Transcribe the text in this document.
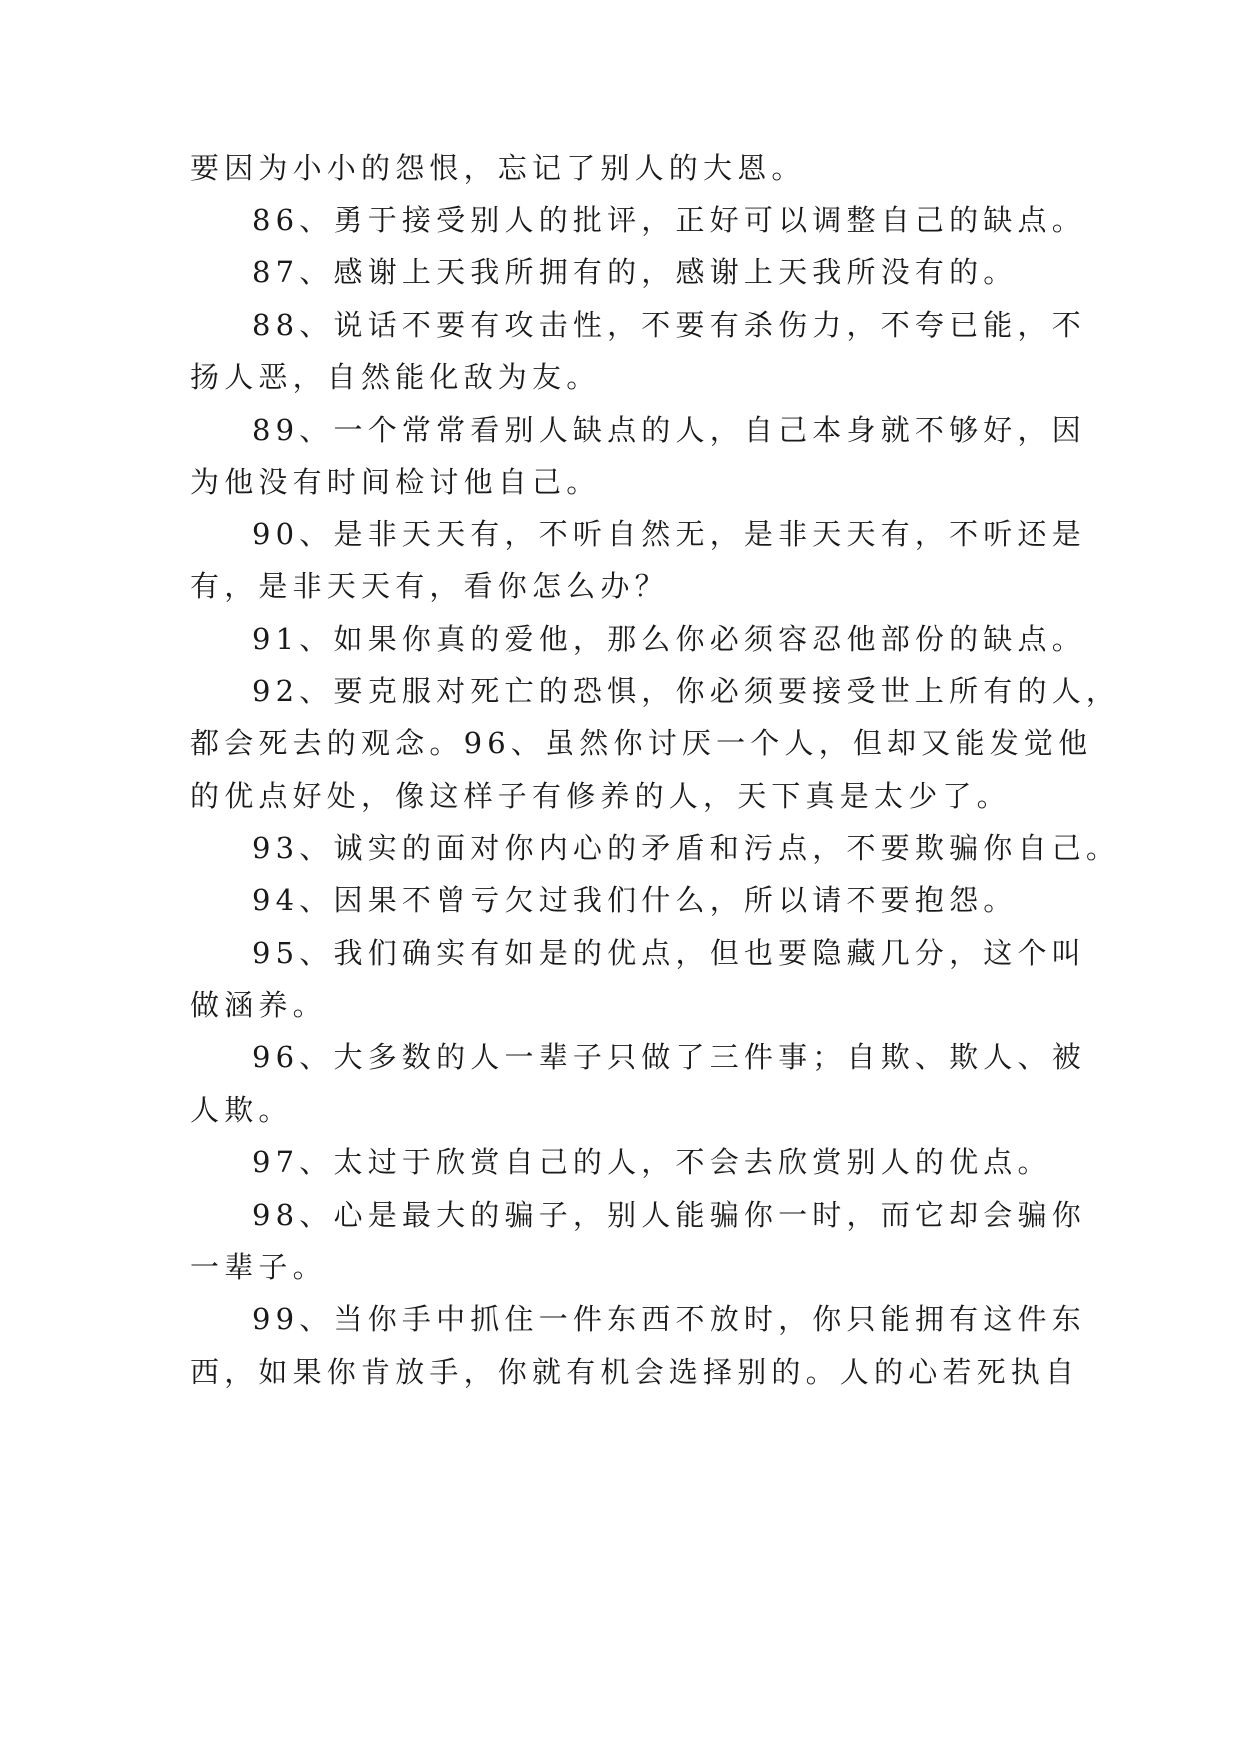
要因为小小的怨恨，忘记了别人的大恩。
86、勇于接受别人的批评，正好可以调整自己的缺点。
87、感谢上天我所拥有的，感谢上天我所没有的。
88、说话不要有攻击性，不要有杀伤力，不夸已能，不
扬人恶，自然能化敌为友。
89、一个常常看别人缺点的人，自己本身就不够好，因
为他没有时间检讨他自己。
90、是非天天有，不听自然无，是非天天有，不听还是
有，是非天天有，看你怎么办？
91、如果你真的爱他，那么你必须容忍他部份的缺点。
92、要克服对死亡的恐惧，你必须要接受世上所有的人，
都会死去的观念。96、虽然你讨厌一个人，但却又能发觉他
的优点好处，像这样子有修养的人，天下真是太少了。
93、诚实的面对你内心的矛盾和污点，不要欺骗你自己。
94、因果不曾亏欠过我们什么，所以请不要抱怨。
95、我们确实有如是的优点，但也要隐藏几分，这个叫
做涵养。
96、大多数的人一辈子只做了三件事；自欺、欺人、被
人欺。
97、太过于欣赏自己的人，不会去欣赏别人的优点。
98、心是最大的骗子，别人能骗你一时，而它却会骗你
一辈子。
99、当你手中抓住一件东西不放时，你只能拥有这件东
西，如果你肯放手，你就有机会选择别的。人的心若死执自
